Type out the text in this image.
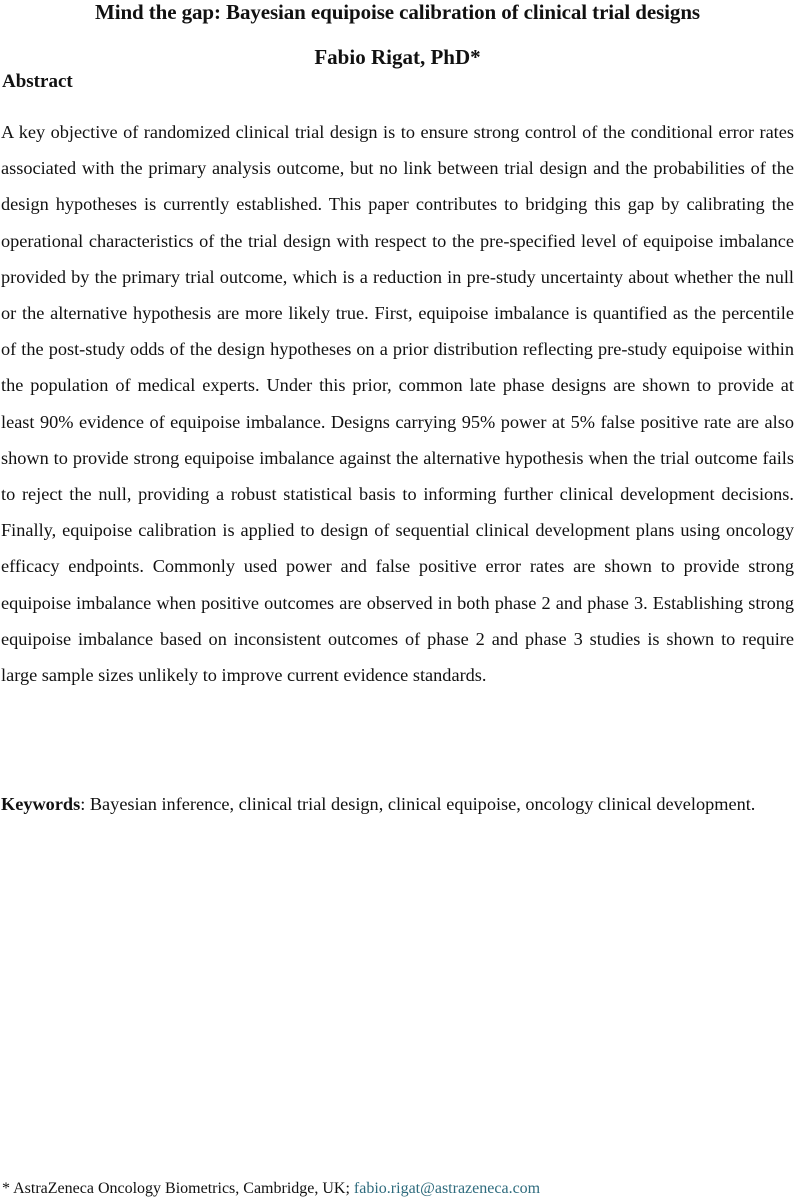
Mind the gap: Bayesian equipoise calibration of clinical trial designs
Fabio Rigat, PhD*
Abstract

A key objective of randomized clinical trial design is to ensure strong control of the conditional error rates associated with the primary analysis outcome, but no link between trial design and the probabilities of the design hypotheses is currently established. This paper contributes to bridging this gap by calibrating the operational characteristics of the trial design with respect to the pre-specified level of equipoise imbalance provided by the primary trial outcome, which is a reduction in pre-study uncertainty about whether the null or the alternative hypothesis are more likely true. First, equipoise imbalance is quantified as the percentile of the post-study odds of the design hypotheses on a prior distribution reflecting pre-study equipoise within the population of medical experts. Under this prior, common late phase designs are shown to provide at least 90% evidence of equipoise imbalance. Designs carrying 95% power at 5% false positive rate are also shown to provide strong equipoise imbalance against the alternative hypothesis when the trial outcome fails to reject the null, providing a robust statistical basis to informing further clinical development decisions. Finally, equipoise calibration is applied to design of sequential clinical development plans using oncology efficacy endpoints. Commonly used power and false positive error rates are shown to provide strong equipoise imbalance when positive outcomes are observed in both phase 2 and phase 3. Establishing strong equipoise imbalance based on inconsistent outcomes of phase 2 and phase 3 studies is shown to require large sample sizes unlikely to improve current evidence standards.

Keywords: Bayesian inference, clinical trial design, clinical equipoise, oncology clinical development.

* AstraZeneca Oncology Biometrics, Cambridge, UK; fabio.rigat@astrazeneca.com
